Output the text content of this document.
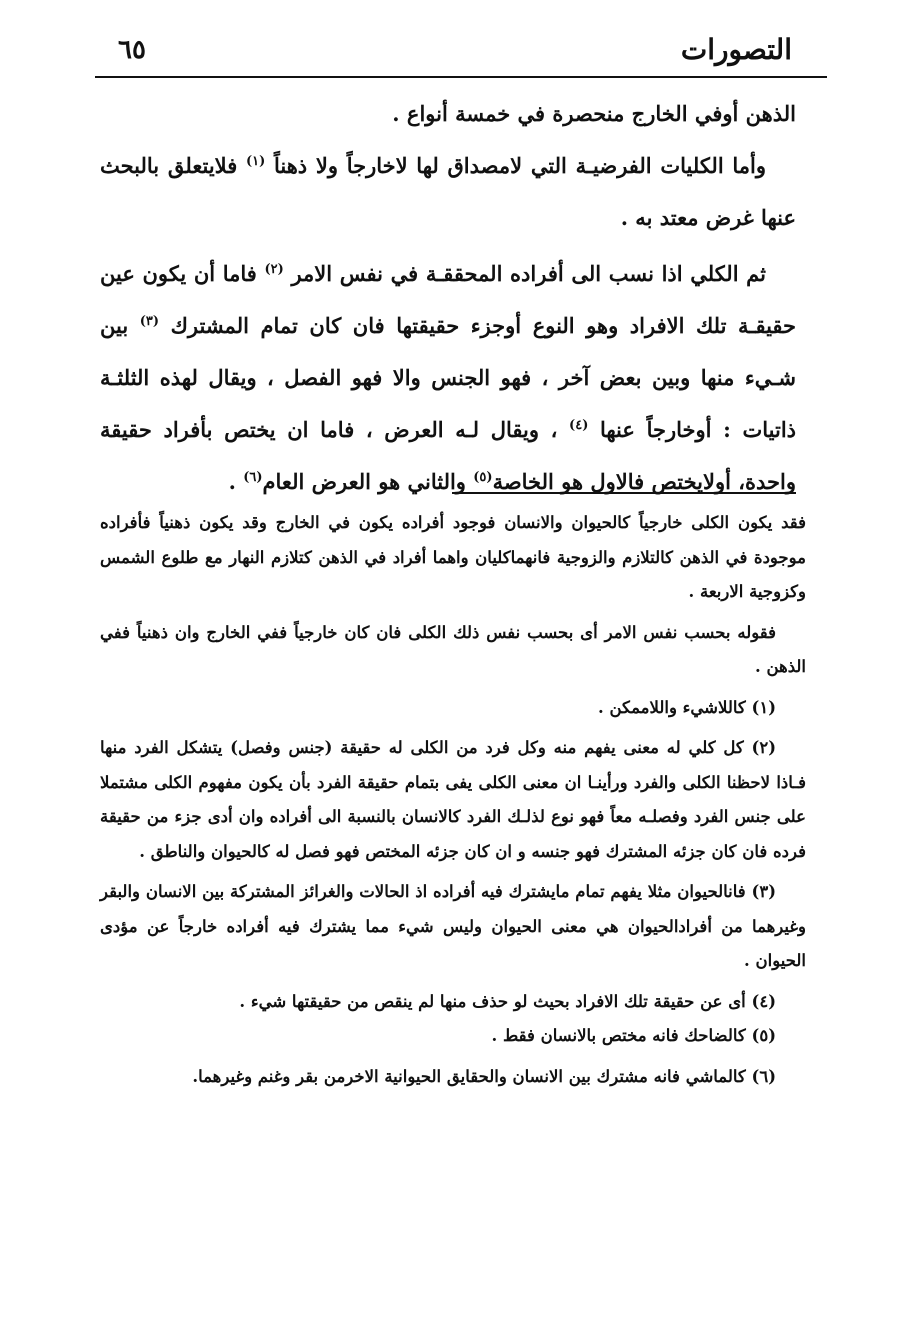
التصورات
٦٥

الذهن أوفي الخارج منحصرة في خمسة أنواع .

وأما الكليات الفرضيـة التي لامصداق لها لاخارجاً ولا ذهناً $^{(١)}$ فلايتعلق بالبحث عنها غرض معتد به .

ثم الكلي اذا نسب الى أفراده المحققـة في نفس الامر $^{(٢)}$ فاما أن يكون عين حقيقـة تلك الافراد وهو النوع أوجزء حقيقتها فان كان تمام المشترك $^{(٣)}$ بين شـيء منها وبين بعض آخر ، فهو الجنس والا فهو الفصل ، ويقال لهذه الثلثـة ذاتيات : أوخارجاً عنها $^{(٤)}$ ، ويقال لـه العرض ، فاما ان يختص بأفراد حقيقة واحدة، أولايختص فالاول هو الخاصة$^{(٥)}$ والثاني هو العرض العام$^{(٦)}$ .

فقد يكون الكلى خارجياً كالحيوان والانسان فوجود أفراده يكون في الخارج وقد يكون ذهنياً فأفراده موجودة في الذهن كالتلازم والزوجية فانهماكليان واهما أفراد في الذهن كتلازم النهار مع طلوع الشمس وكزوجية الاربعة .

فقوله بحسب نفس الامر أى بحسب نفس ذلك الكلى فان كان خارجياً ففي الخارج وان ذهنياً ففي الذهن .

(١) كاللاشيء واللاممكن .

(٢) كل كلي له معنى يفهم منه وكل فرد من الكلى له حقيقة (جنس وفصل) يتشكل الفرد منها فـاذا لاحظنا الكلى والفرد ورأينـا ان معنى الكلى يفى بتمام حقيقة الفرد بأن يكون مفهوم الكلى مشتملا على جنس الفرد وفصلـه معاً فهو نوع لذلـك الفرد كالانسان بالنسبة الى أفراده وان أدى جزء من حقيقة فرده فان كان جزئه المشترك فهو جنسه و ان كان جزئه المختص فهو فصل له كالحيوان والناطق .

(٣) فانالحيوان مثلا يفهم تمام مايشترك فيه أفراده اذ الحالات والغرائز المشتركة بين الانسان والبقر وغيرهما من أفرادالحيوان هي معنى الحيوان وليس شيء مما يشترك فيه أفراده خارجاً عن مؤدى الحيوان .

(٤) أى عن حقيقة تلك الافراد بحيث لو حذف منها لم ينقص من حقيقتها شيء .

(٥) كالضاحك فانه مختص بالانسان فقط .

(٦) كالماشي فانه مشترك بين الانسان والحقايق الحيوانية الاخرمن بقر وغنم وغيرهما.
